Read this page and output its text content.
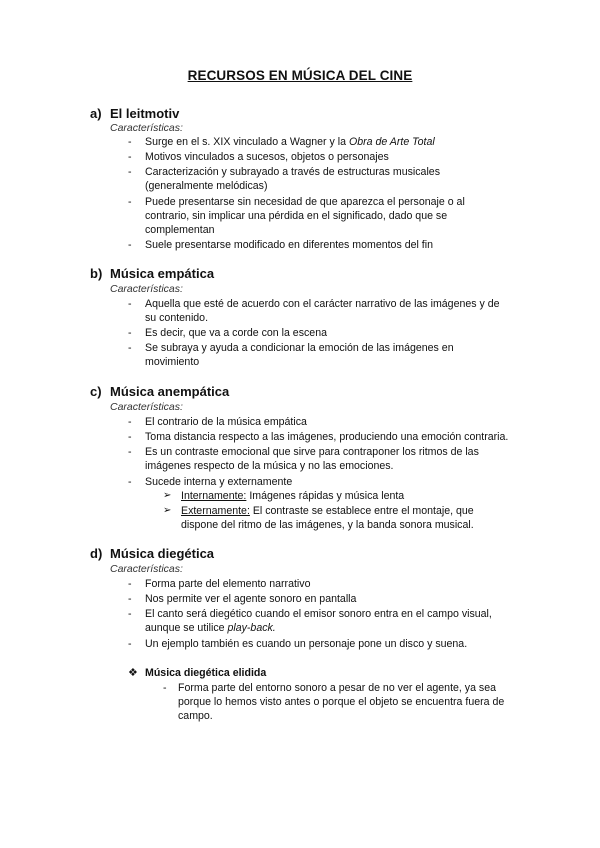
RECURSOS EN MÚSICA DEL CINE
a) El leitmotiv
Características:
- Surge en el s. XIX vinculado a Wagner y la Obra de Arte Total
- Motivos vinculados a sucesos, objetos o personajes
- Caracterización y subrayado a través de estructuras musicales
(generalmente melódicas)
- Puede presentarse sin necesidad de que aparezca el personaje o al
contrario, sin implicar una pérdida en el significado, dado que se
complementan
- Suele presentarse modificado en diferentes momentos del fin
b) Música empática
Características:
- Aquella que esté de acuerdo con el carácter narrativo de las imágenes y de
su contenido.
- Es decir, que va a corde con la escena
- Se subraya y ayuda a condicionar la emoción de las imágenes en
movimiento
c) Música anempática
Características:
- El contrario de la música empática
- Toma distancia respecto a las imágenes, produciendo una emoción contraria.
- Es un contraste emocional que sirve para contraponer los ritmos de las
imágenes respecto de la música y no las emociones.
- Sucede interna y externamente
➢ Internamente: Imágenes rápidas y música lenta
➢ Externamente: El contraste se establece entre el montaje, que
dispone del ritmo de las imágenes, y la banda sonora musical.
d) Música diegética
Características:
- Forma parte del elemento narrativo
- Nos permite ver el agente sonoro en pantalla
- El canto será diegético cuando el emisor sonoro entra en el campo visual,
aunque se utilice play-back.
- Un ejemplo también es cuando un personaje pone un disco y suena.
❖ Música diegética elidida
- Forma parte del entorno sonoro a pesar de no ver el agente, ya sea
porque lo hemos visto antes o porque el objeto se encuentra fuera de
campo.
